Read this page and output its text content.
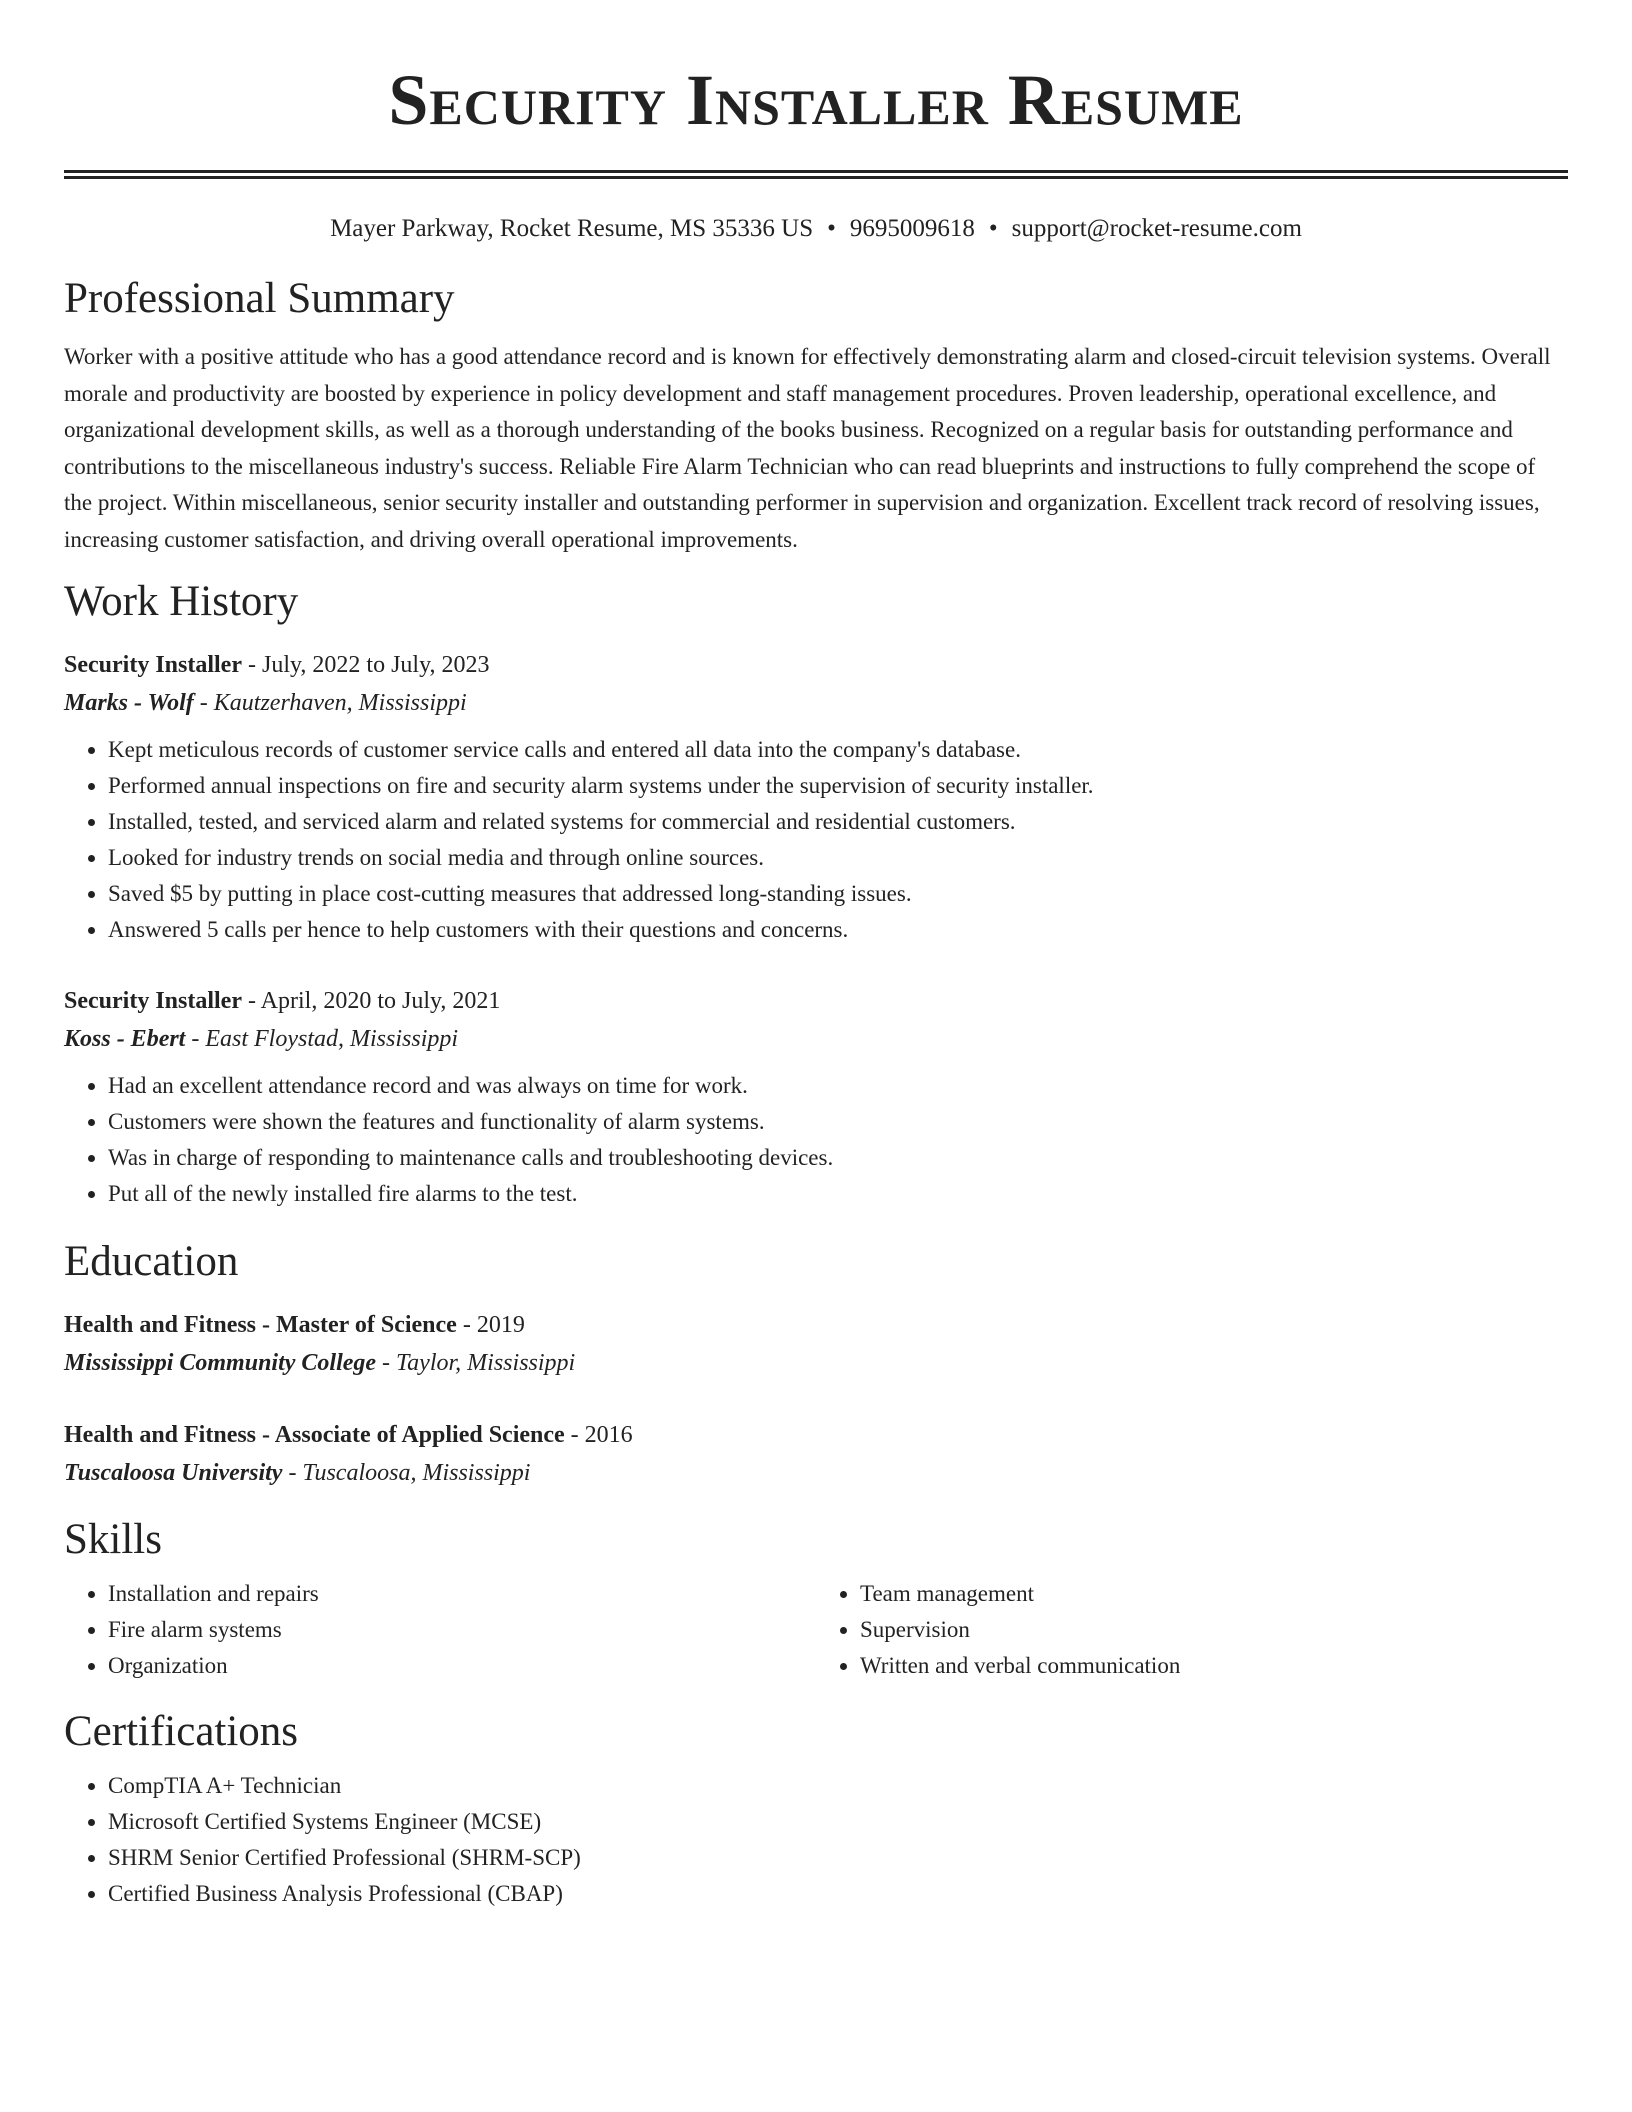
Security Installer Resume
Mayer Parkway, Rocket Resume, MS 35336 US • 9695009618 • support@rocket-resume.com
Professional Summary

Worker with a positive attitude who has a good attendance record and is known for effectively demonstrating alarm and closed-circuit television systems. Overall morale and productivity are boosted by experience in policy development and staff management procedures. Proven leadership, operational excellence, and organizational development skills, as well as a thorough understanding of the books business. Recognized on a regular basis for outstanding performance and contributions to the miscellaneous industry's success. Reliable Fire Alarm Technician who can read blueprints and instructions to fully comprehend the scope of the project. Within miscellaneous, senior security installer and outstanding performer in supervision and organization. Excellent track record of resolving issues, increasing customer satisfaction, and driving overall operational improvements.

Work History
Security Installer - July, 2022 to July, 2023
Marks - Wolf - Kautzerhaven, Mississippi
• Kept meticulous records of customer service calls and entered all data into the company's database.
• Performed annual inspections on fire and security alarm systems under the supervision of security installer.
• Installed, tested, and serviced alarm and related systems for commercial and residential customers.
• Looked for industry trends on social media and through online sources.
• Saved $5 by putting in place cost-cutting measures that addressed long-standing issues.
• Answered 5 calls per hence to help customers with their questions and concerns.
Security Installer - April, 2020 to July, 2021
Koss - Ebert - East Floystad, Mississippi
• Had an excellent attendance record and was always on time for work.
• Customers were shown the features and functionality of alarm systems.
• Was in charge of responding to maintenance calls and troubleshooting devices.
• Put all of the newly installed fire alarms to the test.
Education
Health and Fitness - Master of Science - 2019
Mississippi Community College - Taylor, Mississippi
Health and Fitness - Associate of Applied Science - 2016
Tuscaloosa University - Tuscaloosa, Mississippi
Skills
• Installation and repairs
• Fire alarm systems
• Organization
• Team management
• Supervision
• Written and verbal communication
Certifications
• CompTIA A+ Technician
• Microsoft Certified Systems Engineer (MCSE)
• SHRM Senior Certified Professional (SHRM-SCP)
• Certified Business Analysis Professional (CBAP)
